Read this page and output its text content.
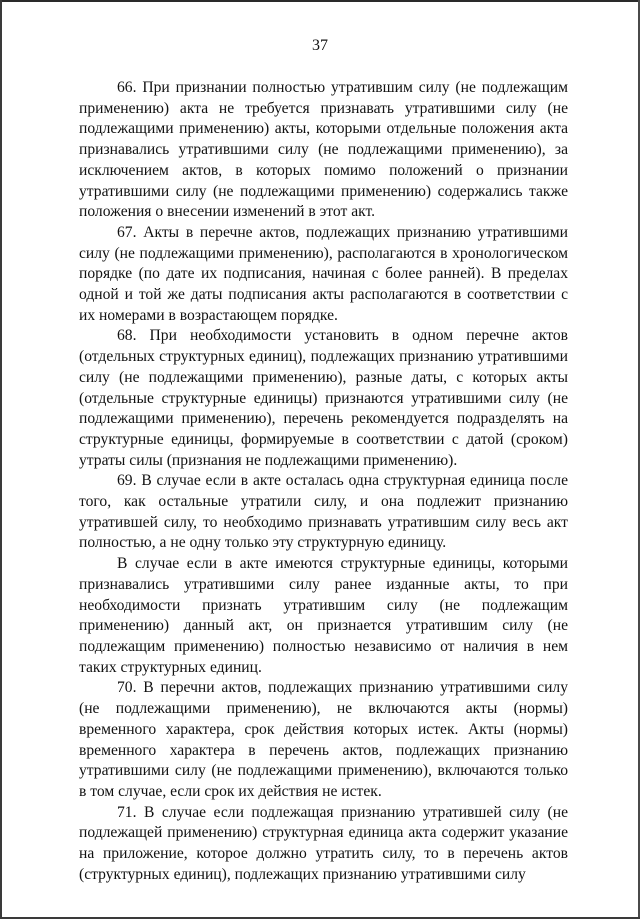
37

66. При признании полностью утратившим силу (не подлежащим применению) акта не требуется признавать утратившими силу (не подлежащими применению) акты, которыми отдельные положения акта признавались утратившими силу (не подлежащими применению), за исключением актов, в которых помимо положений о признании утратившими силу (не подлежащими применению) содержались также положения о внесении изменений в этот акт.

67. Акты в перечне актов, подлежащих признанию утратившими силу (не подлежащими применению), располагаются в хронологическом порядке (по дате их подписания, начиная с более ранней). В пределах одной и той же даты подписания акты располагаются в соответствии с их номерами в возрастающем порядке.

68. При необходимости установить в одном перечне актов (отдельных структурных единиц), подлежащих признанию утратившими силу (не подлежащими применению), разные даты, с которых акты (отдельные структурные единицы) признаются утратившими силу (не подлежащими применению), перечень рекомендуется подразделять на структурные единицы, формируемые в соответствии с датой (сроком) утраты силы (признания не подлежащими применению).

69. В случае если в акте осталась одна структурная единица после того, как остальные утратили силу, и она подлежит признанию утратившей силу, то необходимо признавать утратившим силу весь акт полностью, а не одну только эту структурную единицу.

В случае если в акте имеются структурные единицы, которыми признавались утратившими силу ранее изданные акты, то при необходимости признать утратившим силу (не подлежащим применению) данный акт, он признается утратившим силу (не подлежащим применению) полностью независимо от наличия в нем таких структурных единиц.

70. В перечни актов, подлежащих признанию утратившими силу (не подлежащими применению), не включаются акты (нормы) временного характера, срок действия которых истек. Акты (нормы) временного характера в перечень актов, подлежащих признанию утратившими силу (не подлежащими применению), включаются только в том случае, если срок их действия не истек.

71. В случае если подлежащая признанию утратившей силу (не подлежащей применению) структурная единица акта содержит указание на приложение, которое должно утратить силу, то в перечень актов (структурных единиц), подлежащих признанию утратившими силу
